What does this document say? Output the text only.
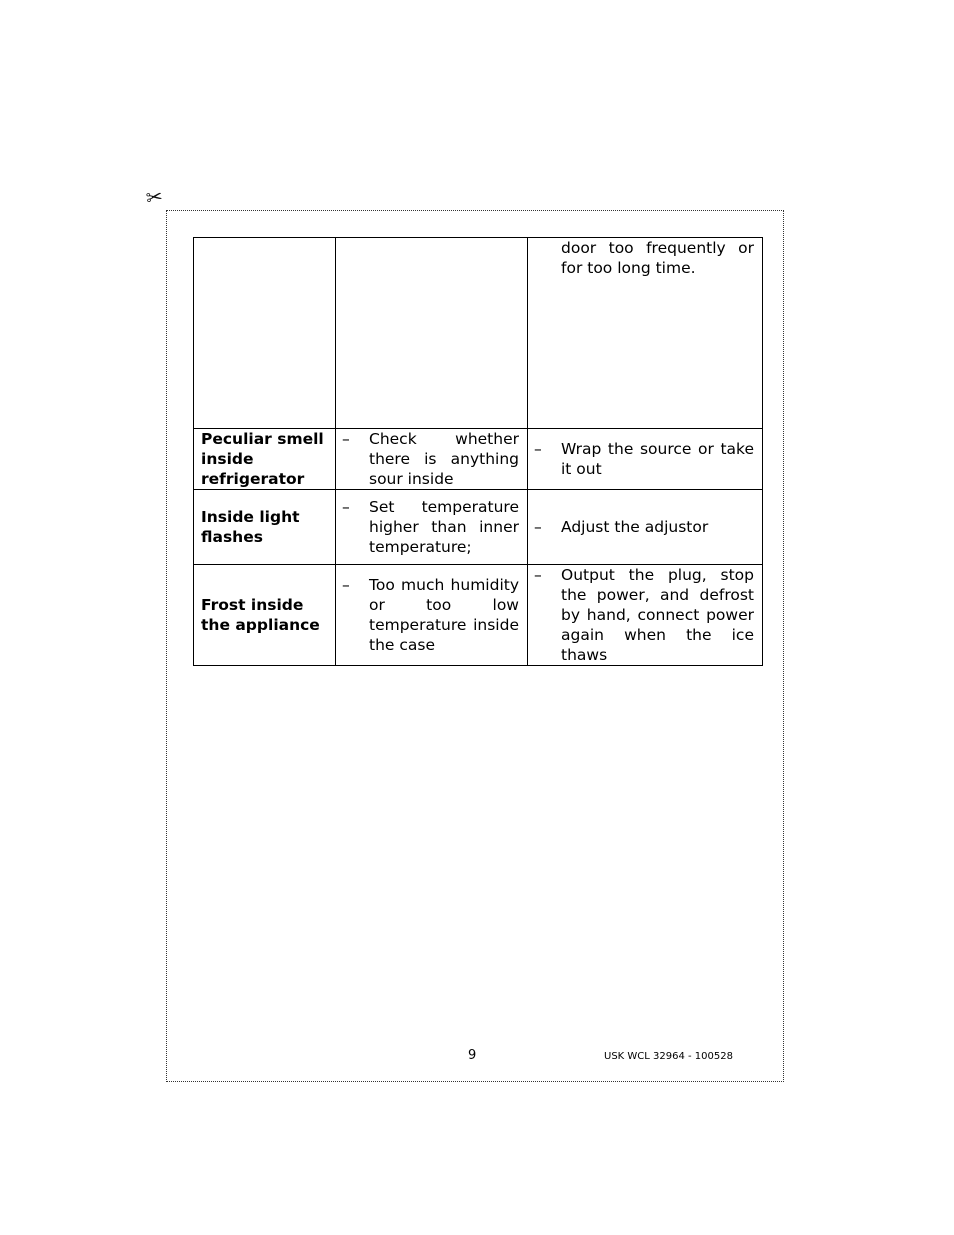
✂

		door too frequently or for too long time.

Peculiar smell inside refrigerator	– Check whether there is anything sour inside	– Wrap the source or take it out

Inside light flashes	– Set temperature higher than inner temperature;	– Adjust the adjustor

Frost inside the appliance	– Too much humidity or too low temperature inside the case	– Output the plug, stop the power, and defrost by hand, connect power again when the ice thaws
9	USK WCL 32964 - 100528
